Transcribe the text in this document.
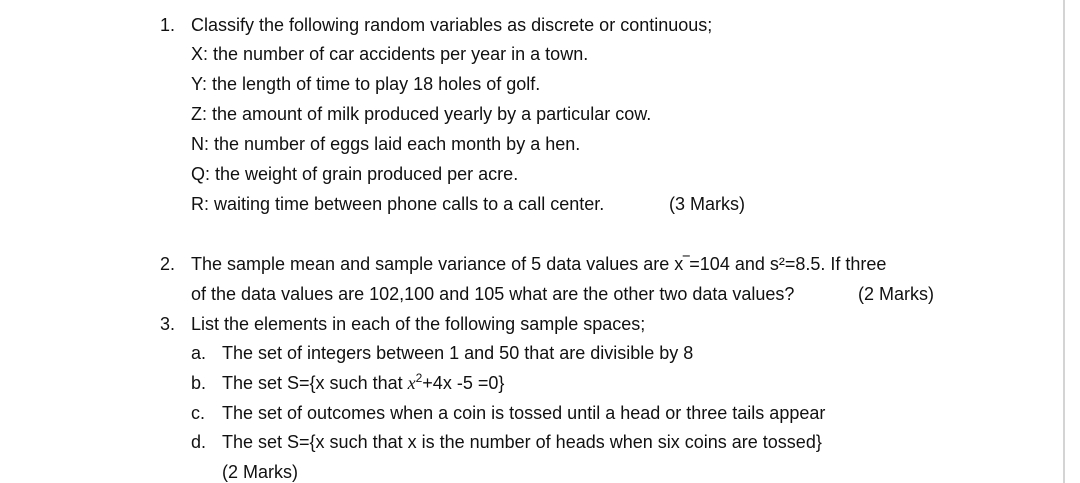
1. Classify the following random variables as discrete or continuous;
X: the number of car accidents per year in a town.
Y: the length of time to play 18 holes of golf.
Z: the amount of milk produced yearly by a particular cow.
N: the number of eggs laid each month by a hen.
Q: the weight of grain produced per acre.
R: waiting time between phone calls to a call center.	(3 Marks)
2. The sample mean and sample variance of 5 data values are x‾=104 and s²=8.5. If three
of the data values are 102,100 and 105 what are the other two data values?	(2 Marks)
3. List the elements in each of the following sample spaces;
a. The set of integers between 1 and 50 that are divisible by 8
b. The set S={x such that $x^2+4x$ -5 =0}
c. The set of outcomes when a coin is tossed until a head or three tails appear
d. The set S={x such that x is the number of heads when six coins are tossed}
(2 Marks)
